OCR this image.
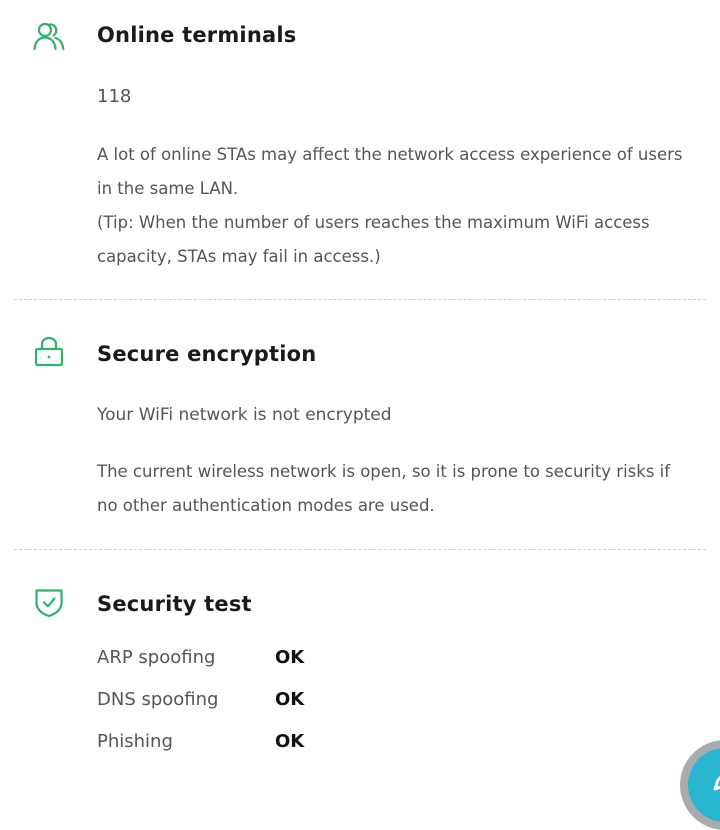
Online terminals
118
A lot of online STAs may affect the network access experience of users in the same LAN.
(Tip: When the number of users reaches the maximum WiFi access capacity, STAs may fail in access.)
Secure encryption
Your WiFi network is not encrypted
The current wireless network is open, so it is prone to security risks if no other authentication modes are used.
Security test
ARP spoofing	OK
DNS spoofing	OK
Phishing	OK
